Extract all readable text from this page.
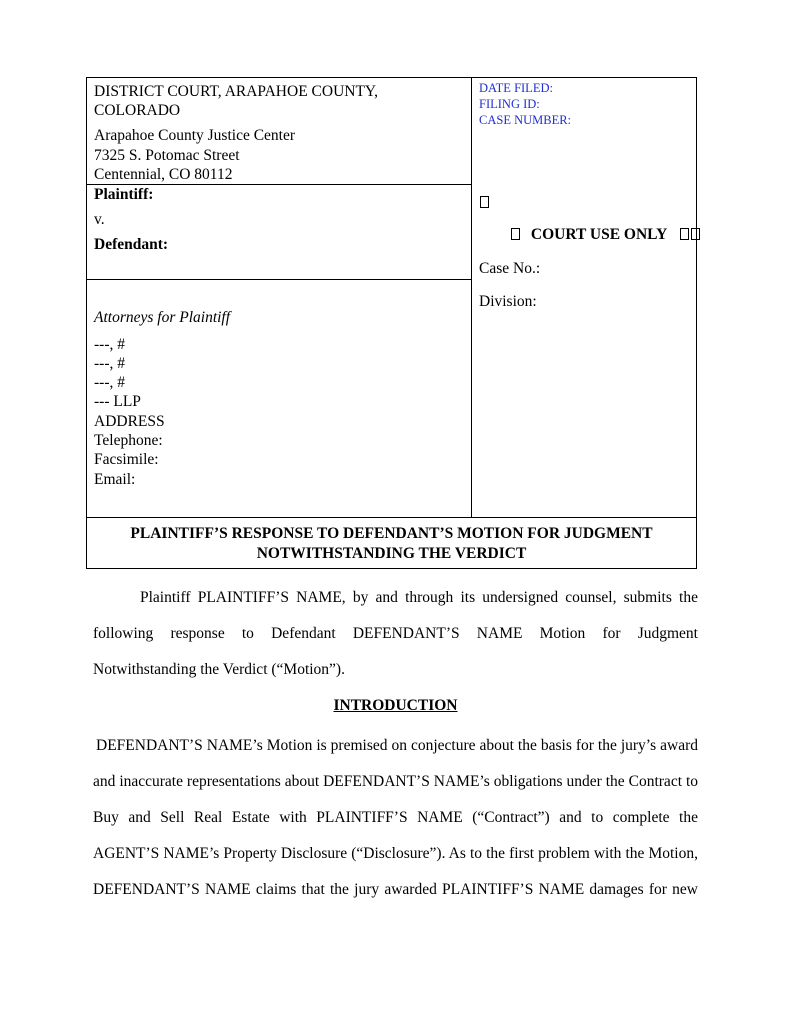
DISTRICT COURT, ARAPAHOE COUNTY,
COLORADO
Arapahoe County Justice Center
7325 S. Potomac Street
Centennial, CO 80112
Plaintiff:
v.
Defendant:
Attorneys for Plaintiff
---, #
---, #
---, #
--- LLP
ADDRESS
Telephone:
Facsimile:
Email:
DATE FILED:
FILING ID:
CASE NUMBER:
COURT USE ONLY
Case No.:
Division:
PLAINTIFF’S RESPONSE TO DEFENDANT’S MOTION FOR JUDGMENT
NOTWITHSTANDING THE VERDICT
Plaintiff PLAINTIFF’S NAME, by and through its undersigned counsel, submits the
following response to Defendant DEFENDANT’S NAME Motion for Judgment
Notwithstanding the Verdict (“Motion”).
INTRODUCTION
DEFENDANT’S NAME’s Motion is premised on conjecture about the basis for the jury’s award
and inaccurate representations about DEFENDANT’S NAME’s obligations under the Contract to
Buy and Sell Real Estate with PLAINTIFF’S NAME (“Contract”) and to complete the
AGENT’S NAME’s Property Disclosure (“Disclosure”). As to the first problem with the Motion,
DEFENDANT’S NAME claims that the jury awarded PLAINTIFF’S NAME damages for new
